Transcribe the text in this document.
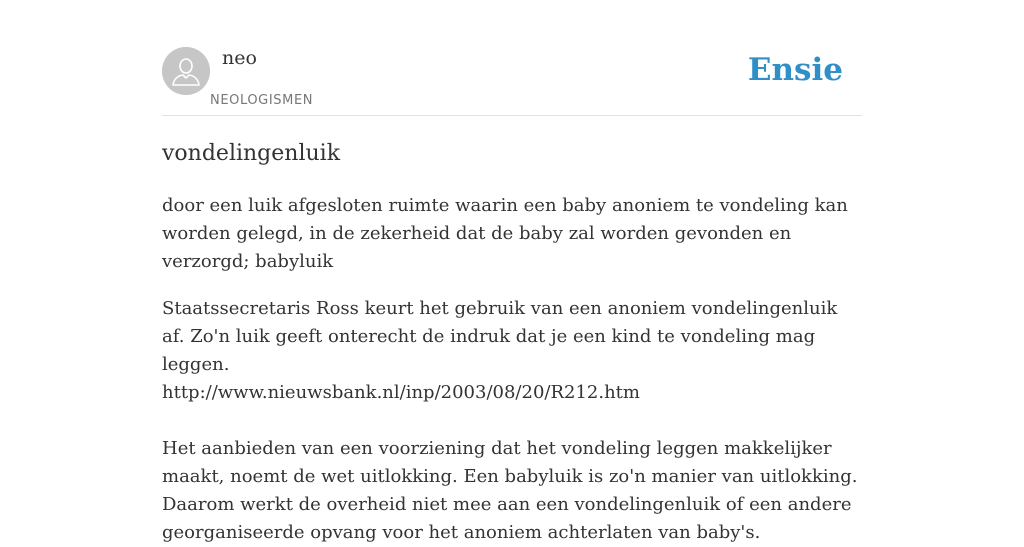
neo
NEOLOGISMEN
Ensie
vondelingenluik

door een luik afgesloten ruimte waarin een baby anoniem te vondeling kan worden gelegd, in de zekerheid dat de baby zal worden gevonden en verzorgd; babyluik

Staatssecretaris Ross keurt het gebruik van een anoniem vondelingenluik af. Zo'n luik geeft onterecht de indruk dat je een kind te vondeling mag leggen.
http://www.nieuwsbank.nl/inp/2003/08/20/R212.htm
Het aanbieden van een voorziening dat het vondeling leggen makkelijker maakt, noemt de wet uitlokking. Een babyluik is zo'n manier van uitlokking. Daarom werkt de overheid niet mee aan een vondelingenluik of een andere georganiseerde opvang voor het anoniem achterlaten van baby's.
